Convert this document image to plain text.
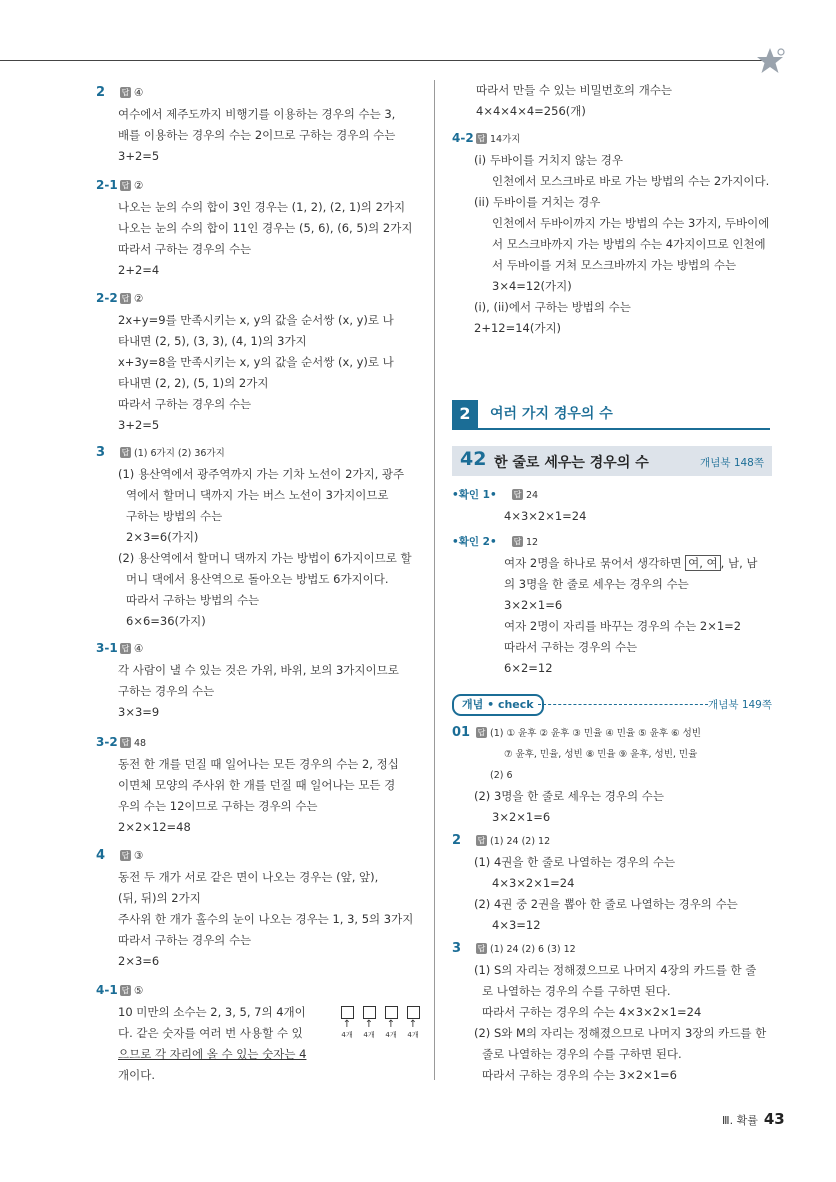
2 답 ④
여수에서 제주도까지 비행기를 이용하는 경우의 수는 3,
배를 이용하는 경우의 수는 2이므로 구하는 경우의 수는
3+2=5
2-1 답 ②
나오는 눈의 수의 합이 3인 경우는 (1, 2), (2, 1)의 2가지
나오는 눈의 수의 합이 11인 경우는 (5, 6), (6, 5)의 2가지
따라서 구하는 경우의 수는
2+2=4
2-2 답 ②
2x+y=9를 만족시키는 x, y의 값을 순서쌍 (x, y)로 나
타내면 (2, 5), (3, 3), (4, 1)의 3가지
x+3y=8을 만족시키는 x, y의 값을 순서쌍 (x, y)로 나
타내면 (2, 2), (5, 1)의 2가지
따라서 구하는 경우의 수는
3+2=5
3 답 (1) 6가지 (2) 36가지
(1) 용산역에서 광주역까지 가는 기차 노선이 2가지, 광주
역에서 할머니 댁까지 가는 버스 노선이 3가지이므로
구하는 방법의 수는
2×3=6(가지)
(2) 용산역에서 할머니 댁까지 가는 방법이 6가지이므로 할
머니 댁에서 용산역으로 돌아오는 방법도 6가지이다.
따라서 구하는 방법의 수는
6×6=36(가지)
3-1 답 ④
각 사람이 낼 수 있는 것은 가위, 바위, 보의 3가지이므로
구하는 경우의 수는
3×3=9
3-2 답 48
동전 한 개를 던질 때 일어나는 모든 경우의 수는 2, 정십
이면체 모양의 주사위 한 개를 던질 때 일어나는 모든 경
우의 수는 12이므로 구하는 경우의 수는
2×2×12=48
4 답 ③
동전 두 개가 서로 같은 면이 나오는 경우는 (앞, 앞),
(뒤, 뒤)의 2가지
주사위 한 개가 홀수의 눈이 나오는 경우는 1, 3, 5의 3가지
따라서 구하는 경우의 수는
2×3=6
4-1 답 ⑤
10 미만의 소수는 2, 3, 5, 7의 4개이
다. 같은 숫자를 여러 번 사용할 수 있
으므로 각 자리에 올 수 있는 숫자는 4
개이다.
↑
4개
↑
4개
↑
4개
↑
4개
따라서 만들 수 있는 비밀번호의 개수는
4×4×4×4=256(개)
4-2 답 14가지
(i) 두바이를 거치지 않는 경우
인천에서 모스크바로 바로 가는 방법의 수는 2가지이다.
(ii) 두바이를 거치는 경우
인천에서 두바이까지 가는 방법의 수는 3가지, 두바이에
서 모스크바까지 가는 방법의 수는 4가지이므로 인천에
서 두바이를 거쳐 모스크바까지 가는 방법의 수는
3×4=12(가지)
(i), (ii)에서 구하는 방법의 수는
2+12=14(가지)
2	여러 가지 경우의 수
42 한 줄로 세우는 경우의 수	개념북 148쪽
•확인 1• 답 24
4×3×2×1=24
•확인 2• 답 12
여자 2명을 하나로 묶어서 생각하면 여, 여 , 남, 남
의 3명을 한 줄로 세우는 경우의 수는
3×2×1=6
여자 2명이 자리를 바꾸는 경우의 수는 2×1=2
따라서 구하는 경우의 수는
6×2=12
개념 • check	개념북 149쪽
01 답 (1) ① 윤후 ② 윤후 ③ 민율 ④ 민율 ⑤ 윤후 ⑥ 성빈
⑦ 윤후, 민율, 성빈 ⑧ 민율 ⑨ 윤후, 성빈, 민율
(2) 6
(2) 3명을 한 줄로 세우는 경우의 수는
3×2×1=6
2 답 (1) 24 (2) 12
(1) 4권을 한 줄로 나열하는 경우의 수는
4×3×2×1=24
(2) 4권 중 2권을 뽑아 한 줄로 나열하는 경우의 수는
4×3=12
3 답 (1) 24 (2) 6 (3) 12
(1) S의 자리는 정해졌으므로 나머지 4장의 카드를 한 줄
로 나열하는 경우의 수를 구하면 된다.
따라서 구하는 경우의 수는 4×3×2×1=24
(2) S와 M의 자리는 정해졌으므로 나머지 3장의 카드를 한
줄로 나열하는 경우의 수를 구하면 된다.
따라서 구하는 경우의 수는 3×2×1=6
Ⅲ. 확률 43
